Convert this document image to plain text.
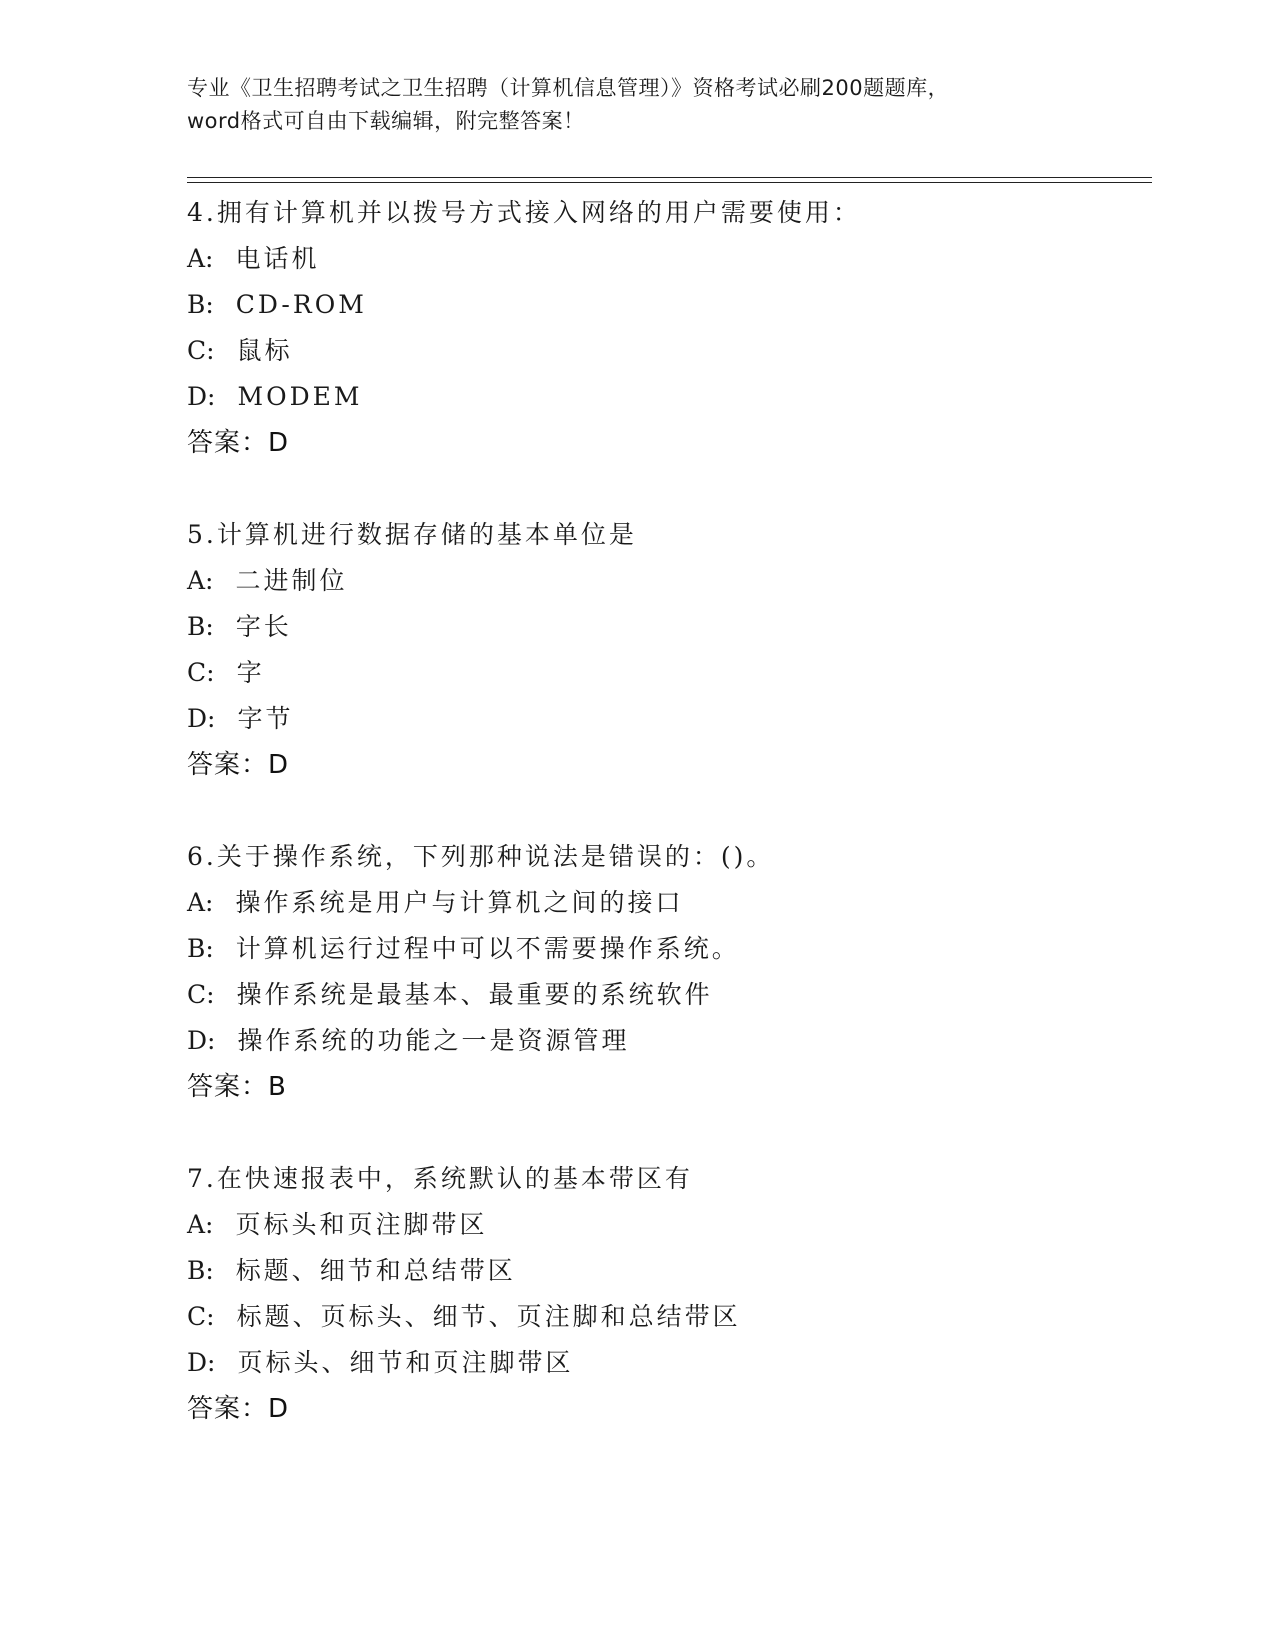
专业《卫生招聘考试之卫生招聘（计算机信息管理）》资格考试必刷200题题库，
word格式可自由下载编辑，附完整答案！
4.拥有计算机并以拨号方式接入网络的用户需要使用：
A: 电话机
B: CD-ROM
C: 鼠标
D: MODEM
答案：D
5.计算机进行数据存储的基本单位是
A: 二进制位
B: 字长
C: 字
D: 字节
答案：D
6.关于操作系统，下列那种说法是错误的：()。
A: 操作系统是用户与计算机之间的接口
B: 计算机运行过程中可以不需要操作系统。
C: 操作系统是最基本、最重要的系统软件
D: 操作系统的功能之一是资源管理
答案：B
7.在快速报表中，系统默认的基本带区有
A: 页标头和页注脚带区
B: 标题、细节和总结带区
C: 标题、页标头、细节、页注脚和总结带区
D: 页标头、细节和页注脚带区
答案：D
